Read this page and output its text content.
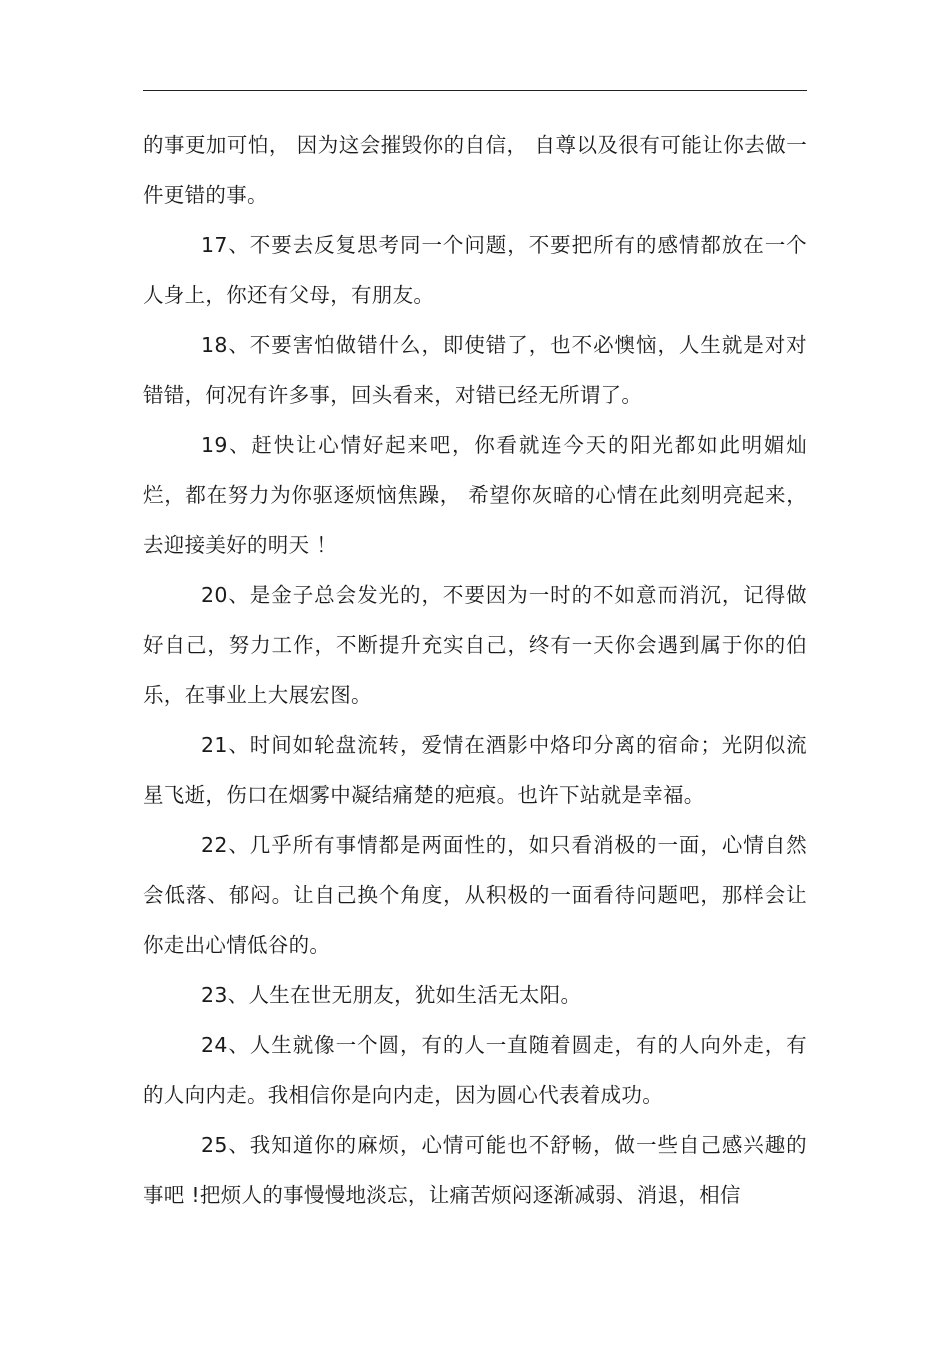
的事更加可怕， 因为这会摧毁你的自信， 自尊以及很有可能让你去做一件更错的事。

17、不要去反复思考同一个问题，不要把所有的感情都放在一个人身上，你还有父母，有朋友。

18、不要害怕做错什么，即使错了，也不必懊恼，人生就是对对错错，何况有许多事，回头看来，对错已经无所谓了。

19、赶快让心情好起来吧，你看就连今天的阳光都如此明媚灿烂，都在努力为你驱逐烦恼焦躁， 希望你灰暗的心情在此刻明亮起来，去迎接美好的明天 ！

20、是金子总会发光的，不要因为一时的不如意而消沉，记得做好自己，努力工作，不断提升充实自己，终有一天你会遇到属于你的伯乐，在事业上大展宏图。

21、时间如轮盘流转，爱情在酒影中烙印分离的宿命；光阴似流星飞逝，伤口在烟雾中凝结痛楚的疤痕。也许下站就是幸福。

22、几乎所有事情都是两面性的，如只看消极的一面，心情自然会低落、郁闷。让自己换个角度，从积极的一面看待问题吧，那样会让你走出心情低谷的。

23、人生在世无朋友，犹如生活无太阳。

24、人生就像一个圆，有的人一直随着圆走，有的人向外走，有的人向内走。我相信你是向内走，因为圆心代表着成功。

25、我知道你的麻烦，心情可能也不舒畅，做一些自己感兴趣的事吧 !把烦人的事慢慢地淡忘，让痛苦烦闷逐渐减弱、消退，相信
